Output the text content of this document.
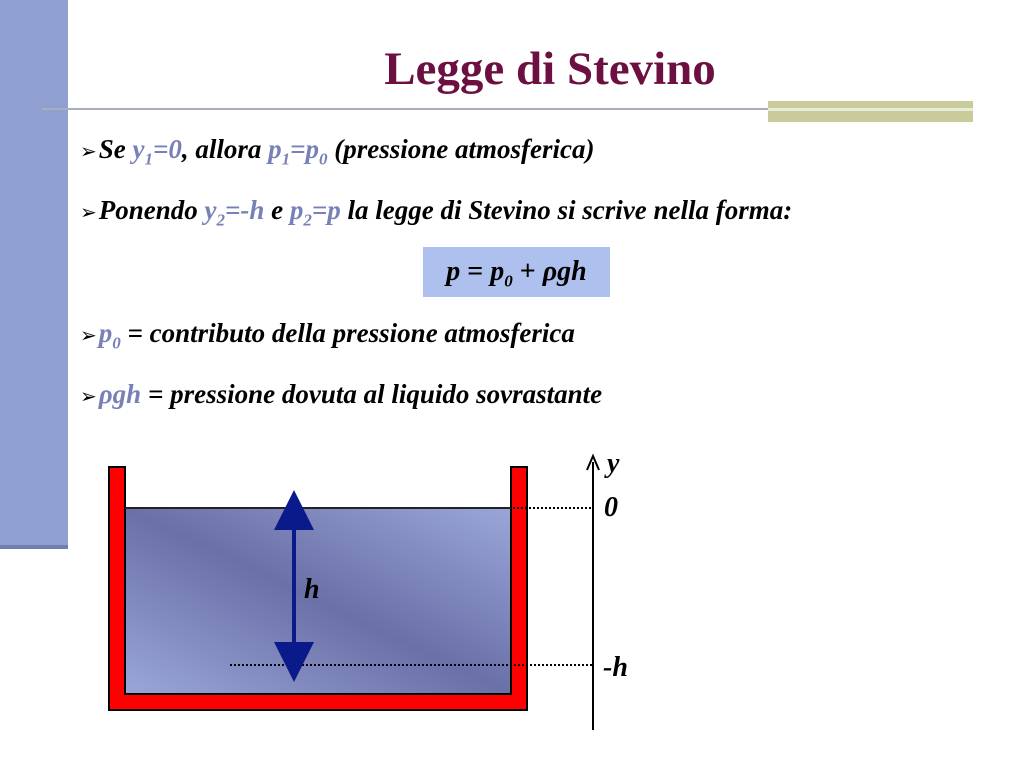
Legge di Stevino
➢Se $y_1=0$, allora $p_1=p_0$ (pressione atmosferica)
➢Ponendo $y_2=-h$ e $p_2=p$ la legge di Stevino si scrive nella forma:
$p = p_0 + \rho gh$
$➢p_0$ = contributo della pressione atmosferica
➢ρgh = pressione dovuta al liquido sovrastante
y
0
-h
h
